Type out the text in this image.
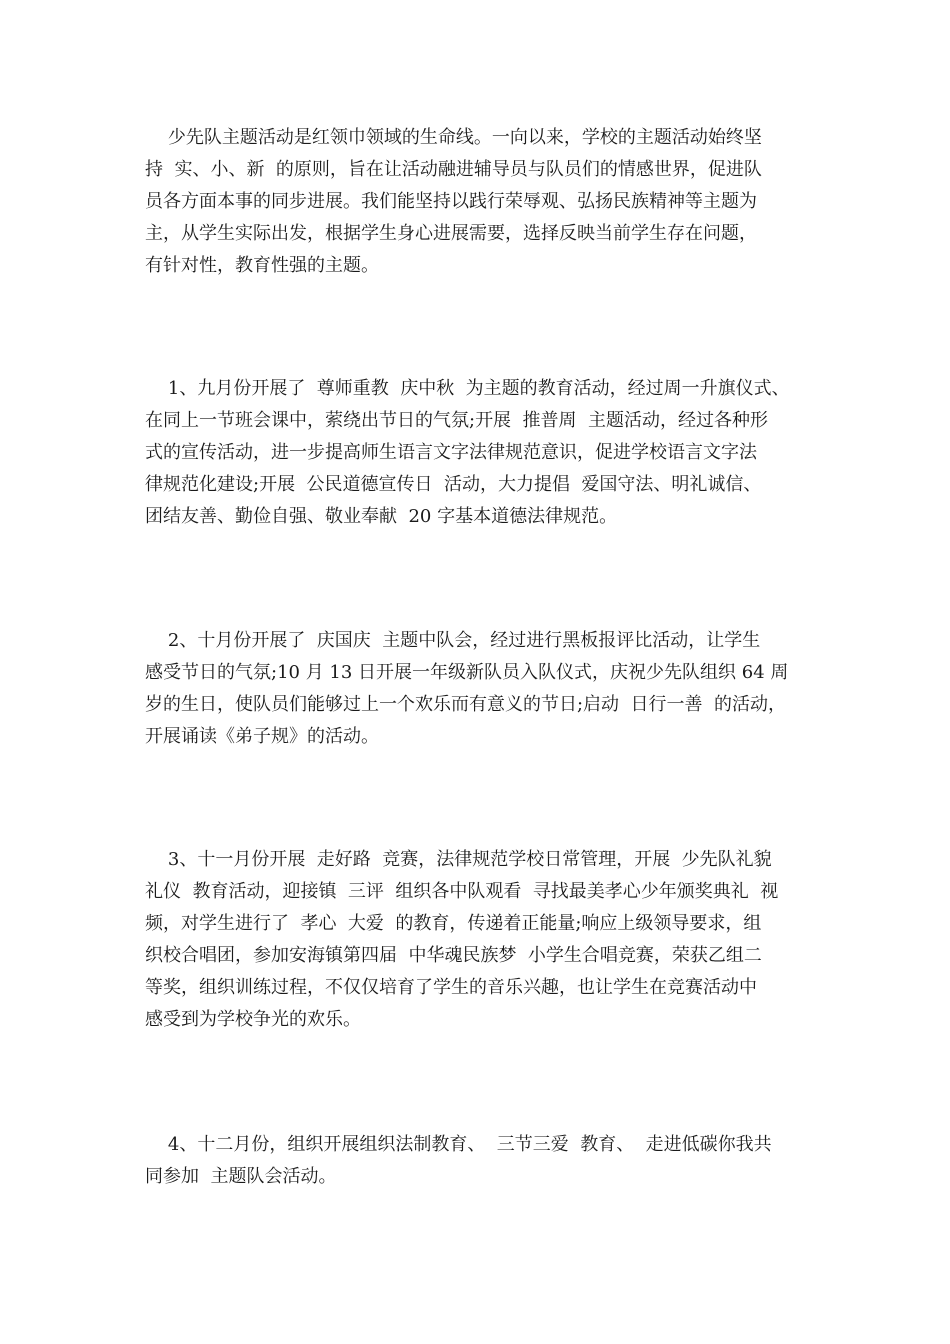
少先队主题活动是红领巾领域的生命线。一向以来，学校的主题活动始终坚
持  实、小、新  的原则，旨在让活动融进辅导员与队员们的情感世界，促进队
员各方面本事的同步进展。我们能坚持以践行荣辱观、弘扬民族精神等主题为
主，从学生实际出发，根据学生身心进展需要，选择反映当前学生存在问题，
有针对性，教育性强的主题。
1、九月份开展了  尊师重教  庆中秋  为主题的教育活动，经过周一升旗仪式、
在同上一节班会课中，萦绕出节日的气氛;开展  推普周  主题活动，经过各种形
式的宣传活动，进一步提高师生语言文字法律规范意识，促进学校语言文字法
律规范化建设;开展  公民道德宣传日  活动，大力提倡  爱国守法、明礼诚信、
团结友善、勤俭自强、敬业奉献  20 字基本道德法律规范。
2、十月份开展了  庆国庆  主题中队会，经过进行黑板报评比活动，让学生
感受节日的气氛;10 月 13 日开展一年级新队员入队仪式，庆祝少先队组织 64 周
岁的生日，使队员们能够过上一个欢乐而有意义的节日;启动  日行一善  的活动，
开展诵读《弟子规》的活动。
3、十一月份开展  走好路  竞赛，法律规范学校日常管理，开展  少先队礼貌
礼仪  教育活动，迎接镇  三评  组织各中队观看  寻找最美孝心少年颁奖典礼  视
频，对学生进行了  孝心  大爱  的教育，传递着正能量;响应上级领导要求，组
织校合唱团，参加安海镇第四届  中华魂民族梦  小学生合唱竞赛，荣获乙组二
等奖，组织训练过程，不仅仅培育了学生的音乐兴趣，也让学生在竞赛活动中
感受到为学校争光的欢乐。
4、十二月份，组织开展组织法制教育、  三节三爱  教育、  走进低碳你我共
同参加  主题队会活动。
